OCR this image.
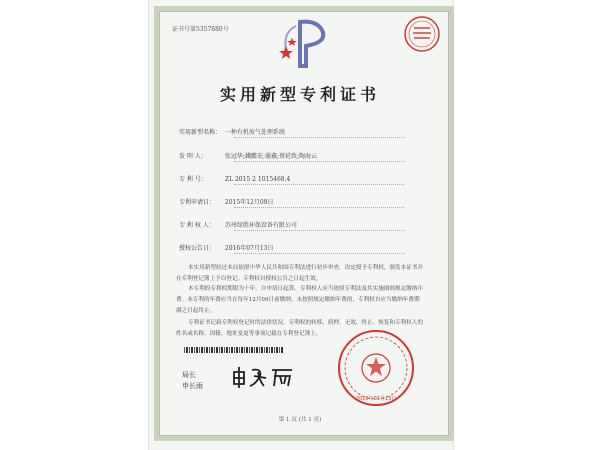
证书号第5357880号
实用新型专利证书
实用新型名称： 一种有机废气处理系统
发 明 人：	张冠华;鐵艦宏;谢鑫;蔡延致;陶海云
专 利 号：	ZL 2015 2 1015468.4
专利申请日： 2015年12月09日
专 利 权 人： 苏州绿胜环保设备有限公司
授权公告日： 2016年07月13日
本实用新型经过本局依照中华人民共和国专利法进行初步审查，决定授予专利权，颁发本证书并在专利登记簿上予以登记。专利权自授权公告之日起生效。
本专利的专利权期限为十年，自申请日起算。专利权人应当依照专利法及其实施细则规定缴纳年费。本专利的年费应当在每年12月09日前缴纳。未按照规定缴纳年费的，专利权自应当缴纳年费期满之日起终止。
专利证书记载专利权登记时的法律状况。专利权的转移、质押、无效、终止、恢复和专利权人的姓名或名称、国籍、地址变更等事项记载在专利登记簿上。
局长
申长雨
2016年07月13日
第 1 页 (共 1 页)
